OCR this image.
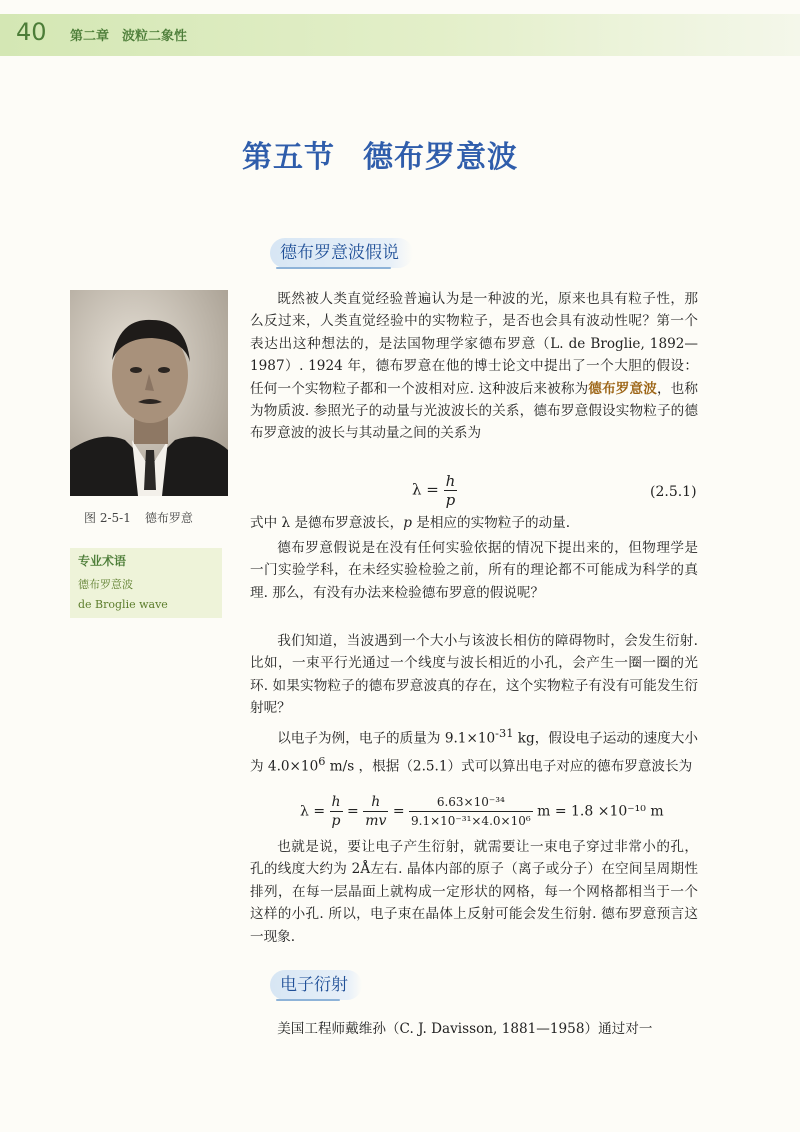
40 第二章　波粒二象性
第五节 德布罗意波
德布罗意波假说
图 2-5-1 德布罗意
专业术语
德布罗意波
de Broglie wave

既然被人类直觉经验普遍认为是一种波的光，原来也具有粒子性，那么反过来，人类直觉经验中的实物粒子，是否也会具有波动性呢？第一个表达出这种想法的，是法国物理学家德布罗意（L. de Broglie, 1892—1987）. 1924 年，德布罗意在他的博士论文中提出了一个大胆的假设：任何一个实物粒子都和一个波相对应. 这种波后来被称为德布罗意波，也称为物质波. 参照光子的动量与光波波长的关系，德布罗意假设实物粒子的德布罗意波的波长与其动量之间的关系为

$\lambda = \frac{h}{p}$	(2.5.1)

式中 λ 是德布罗意波长，p 是相应的实物粒子的动量.

德布罗意假说是在没有任何实验依据的情况下提出来的，但物理学是一门实验学科，在未经实验检验之前，所有的理论都不可能成为科学的真理. 那么，有没有办法来检验德布罗意的假说呢？

我们知道，当波遇到一个大小与该波长相仿的障碍物时，会发生衍射. 比如，一束平行光通过一个线度与波长相近的小孔，会产生一圈一圈的光环. 如果实物粒子的德布罗意波真的存在，这个实物粒子有没有可能发生衍射呢？

以电子为例，电子的质量为 $9.1\times 10^{-31}$ kg，假设电子运动的速度大小为 $4.0\times 10^6$ m/s ，根据（2.5.1）式可以算出电子对应的德布罗意波长为

$\lambda = \frac{h}{p} = \frac{h}{mv} = \frac{\text{6.63×10⁻³⁴}}{\text{9.1×10⁻³¹×4.0×10⁶}}$ m = 1.8 ×10⁻¹⁰ m

也就是说，要让电子产生衍射，就需要让一束电子穿过非常小的孔，孔的线度大约为 2Å左右. 晶体内部的原子（离子或分子）在空间呈周期性排列，在每一层晶面上就构成一定形状的网格，每一个网格都相当于一个这样的小孔. 所以，电子束在晶体上反射可能会发生衍射. 德布罗意预言这一现象.

电子衍射

美国工程师戴维孙（C. J. Davisson, 1881—1958）通过对一
